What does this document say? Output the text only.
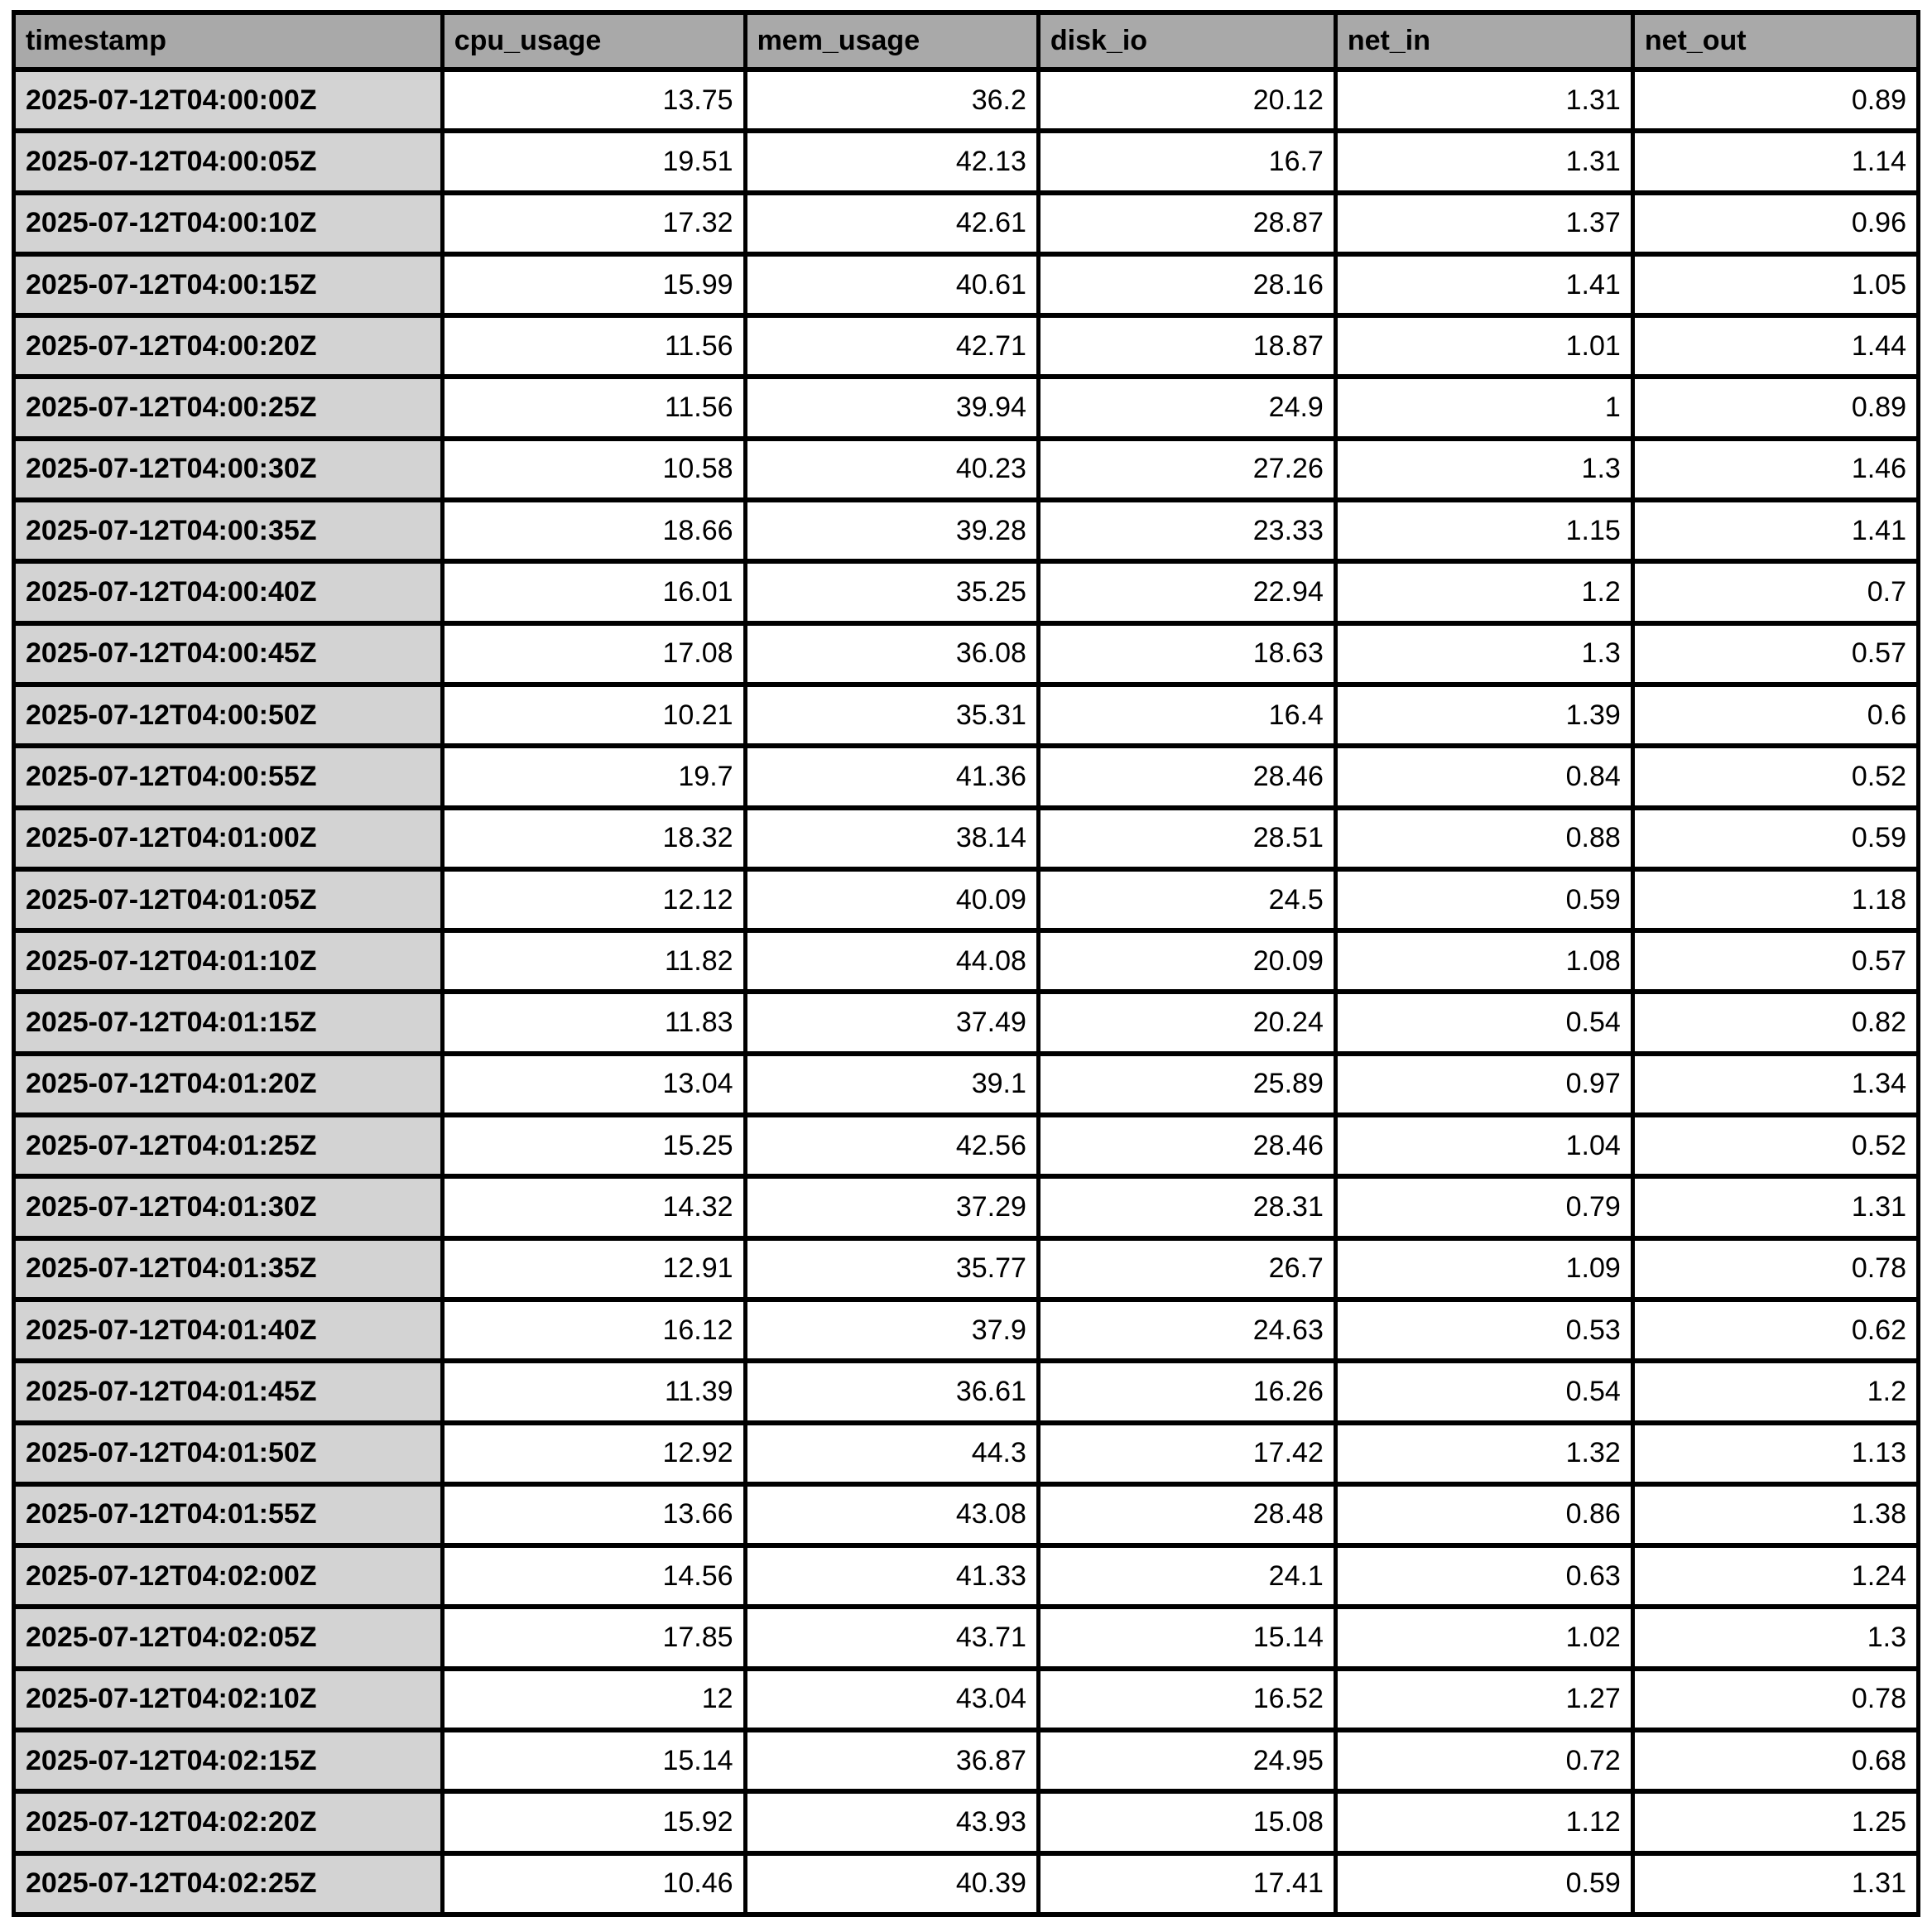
timestamp	cpu_usage	mem_usage	disk_io	net_in	net_out
2025-07-12T04:00:00Z	13.75	36.2	20.12	1.31	0.89
2025-07-12T04:00:05Z	19.51	42.13	16.7	1.31	1.14
2025-07-12T04:00:10Z	17.32	42.61	28.87	1.37	0.96
2025-07-12T04:00:15Z	15.99	40.61	28.16	1.41	1.05
2025-07-12T04:00:20Z	11.56	42.71	18.87	1.01	1.44
2025-07-12T04:00:25Z	11.56	39.94	24.9	1	0.89
2025-07-12T04:00:30Z	10.58	40.23	27.26	1.3	1.46
2025-07-12T04:00:35Z	18.66	39.28	23.33	1.15	1.41
2025-07-12T04:00:40Z	16.01	35.25	22.94	1.2	0.7
2025-07-12T04:00:45Z	17.08	36.08	18.63	1.3	0.57
2025-07-12T04:00:50Z	10.21	35.31	16.4	1.39	0.6
2025-07-12T04:00:55Z	19.7	41.36	28.46	0.84	0.52
2025-07-12T04:01:00Z	18.32	38.14	28.51	0.88	0.59
2025-07-12T04:01:05Z	12.12	40.09	24.5	0.59	1.18
2025-07-12T04:01:10Z	11.82	44.08	20.09	1.08	0.57
2025-07-12T04:01:15Z	11.83	37.49	20.24	0.54	0.82
2025-07-12T04:01:20Z	13.04	39.1	25.89	0.97	1.34
2025-07-12T04:01:25Z	15.25	42.56	28.46	1.04	0.52
2025-07-12T04:01:30Z	14.32	37.29	28.31	0.79	1.31
2025-07-12T04:01:35Z	12.91	35.77	26.7	1.09	0.78
2025-07-12T04:01:40Z	16.12	37.9	24.63	0.53	0.62
2025-07-12T04:01:45Z	11.39	36.61	16.26	0.54	1.2
2025-07-12T04:01:50Z	12.92	44.3	17.42	1.32	1.13
2025-07-12T04:01:55Z	13.66	43.08	28.48	0.86	1.38
2025-07-12T04:02:00Z	14.56	41.33	24.1	0.63	1.24
2025-07-12T04:02:05Z	17.85	43.71	15.14	1.02	1.3
2025-07-12T04:02:10Z	12	43.04	16.52	1.27	0.78
2025-07-12T04:02:15Z	15.14	36.87	24.95	0.72	0.68
2025-07-12T04:02:20Z	15.92	43.93	15.08	1.12	1.25
2025-07-12T04:02:25Z	10.46	40.39	17.41	0.59	1.31
